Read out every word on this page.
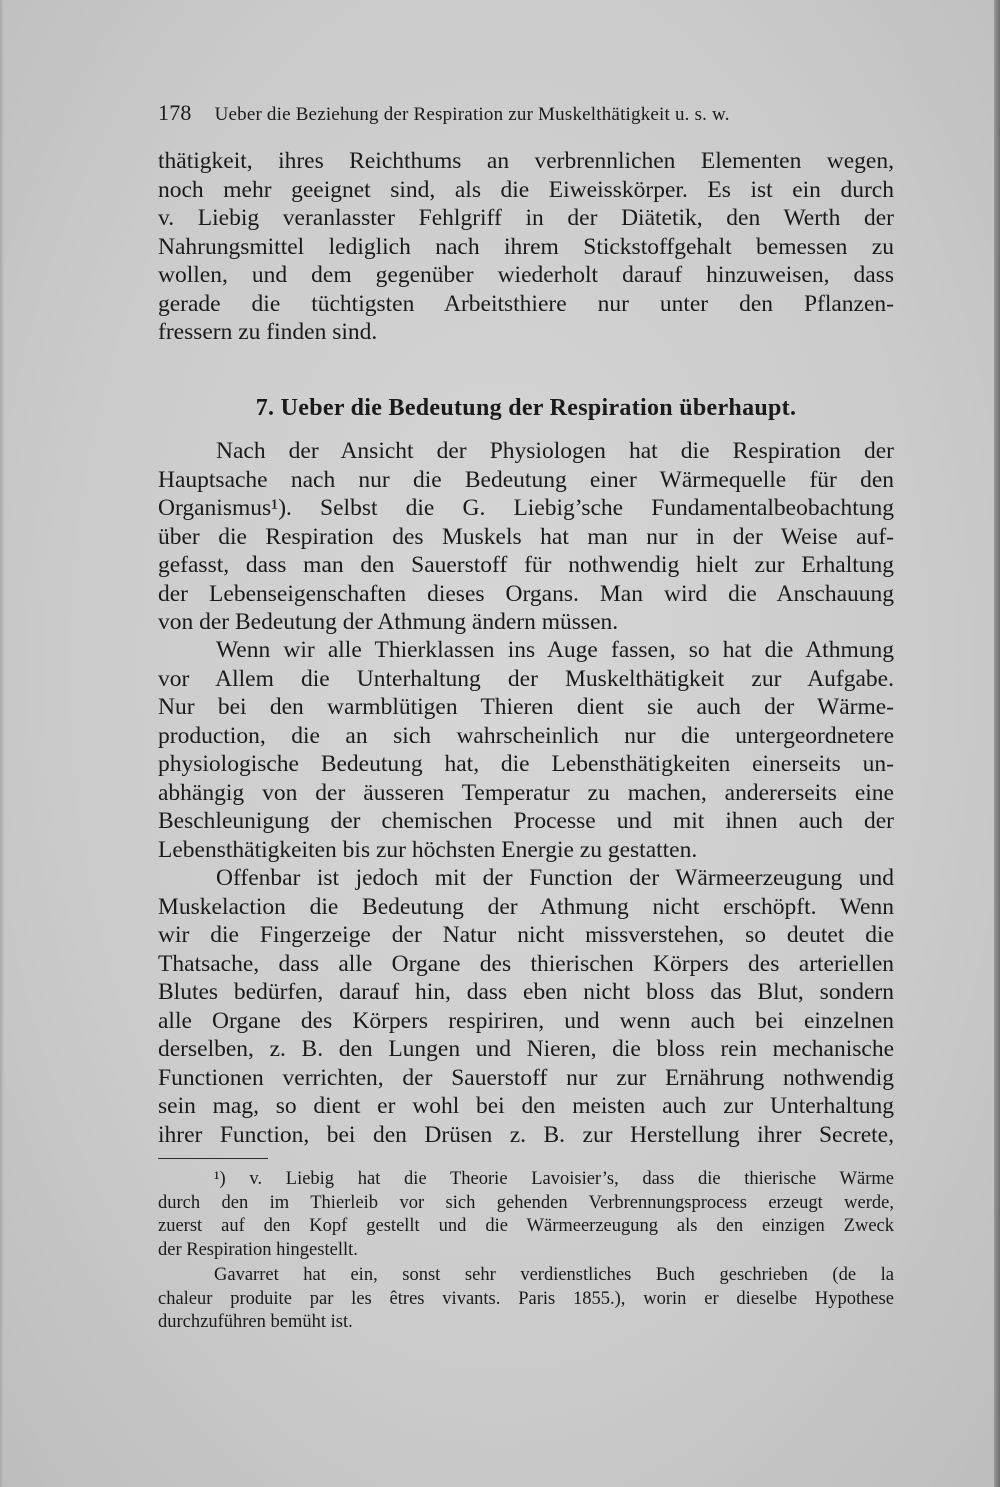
178 Ueber die Beziehung der Respiration zur Muskelthätigkeit u. s. w.
thätigkeit, ihres Reichthums an verbrennlichen Elementen wegen,
noch mehr geeignet sind, als die Eiweisskörper. Es ist ein durch
v. Liebig veranlasster Fehlgriff in der Diätetik, den Werth der
Nahrungsmittel lediglich nach ihrem Stickstoffgehalt bemessen zu
wollen, und dem gegenüber wiederholt darauf hinzuweisen, dass
gerade die tüchtigsten Arbeitsthiere nur unter den Pflanzen-
fressern zu finden sind.
7. Ueber die Bedeutung der Respiration überhaupt.
Nach der Ansicht der Physiologen hat die Respiration der
Hauptsache nach nur die Bedeutung einer Wärmequelle für den
Organismus¹). Selbst die G. Liebig’sche Fundamentalbeobachtung
über die Respiration des Muskels hat man nur in der Weise auf-
gefasst, dass man den Sauerstoff für nothwendig hielt zur Erhaltung
der Lebenseigenschaften dieses Organs. Man wird die Anschauung
von der Bedeutung der Athmung ändern müssen.
Wenn wir alle Thierklassen ins Auge fassen, so hat die Athmung
vor Allem die Unterhaltung der Muskelthätigkeit zur Aufgabe.
Nur bei den warmblütigen Thieren dient sie auch der Wärme-
production, die an sich wahrscheinlich nur die untergeordnetere
physiologische Bedeutung hat, die Lebensthätigkeiten einerseits un-
abhängig von der äusseren Temperatur zu machen, andererseits eine
Beschleunigung der chemischen Processe und mit ihnen auch der
Lebensthätigkeiten bis zur höchsten Energie zu gestatten.
Offenbar ist jedoch mit der Function der Wärmeerzeugung und
Muskelaction die Bedeutung der Athmung nicht erschöpft. Wenn
wir die Fingerzeige der Natur nicht missverstehen, so deutet die
Thatsache, dass alle Organe des thierischen Körpers des arteriellen
Blutes bedürfen, darauf hin, dass eben nicht bloss das Blut, sondern
alle Organe des Körpers respiriren, und wenn auch bei einzelnen
derselben, z. B. den Lungen und Nieren, die bloss rein mechanische
Functionen verrichten, der Sauerstoff nur zur Ernährung nothwendig
sein mag, so dient er wohl bei den meisten auch zur Unterhaltung
ihrer Function, bei den Drüsen z. B. zur Herstellung ihrer Secrete,
¹) v. Liebig hat die Theorie Lavoisier’s, dass die thierische Wärme
durch den im Thierleib vor sich gehenden Verbrennungsprocess erzeugt werde,
zuerst auf den Kopf gestellt und die Wärmeerzeugung als den einzigen Zweck
der Respiration hingestellt.
Gavarret hat ein, sonst sehr verdienstliches Buch geschrieben (de la
chaleur produite par les êtres vivants. Paris 1855.), worin er dieselbe Hypothese
durchzuführen bemüht ist.
